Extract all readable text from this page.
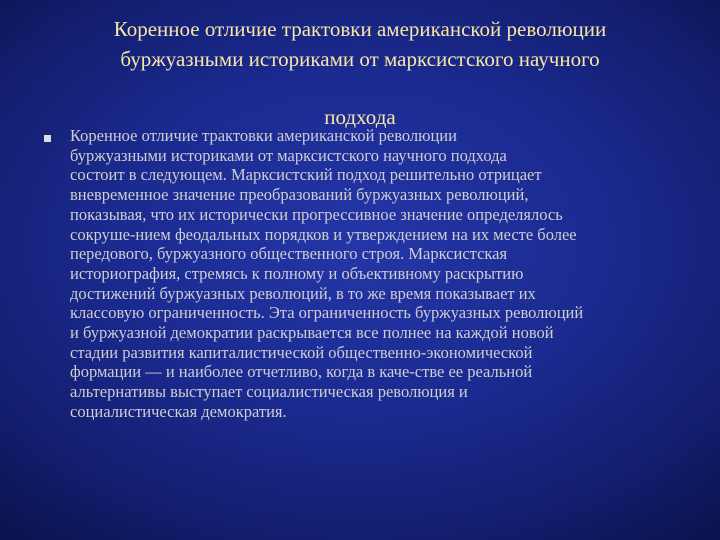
Коренное отличие трактовки американской революции
буржуазными историками от марксистского научного
подхода

Коренное отличие трактовки американской революции
буржуазными историками от марксистского научного подхода
состоит в следующем. Марксистский подход решительно отрицает
вневременное значение преобразований буржуазных революций,
показывая, что их исторически прогрессивное значение определялось
сокруше-нием феодальных порядков и утверждением на их месте более
передового, буржуазного общественного строя. Марксистская
историография, стремясь к полному и объективному раскрытию
достижений буржуазных революций, в то же время показывает их
классовую ограниченность. Эта ограниченность буржуазных революций
и буржуазной демократии раскрывается все полнее на каждой новой
стадии развития капиталистической общественно-экономической
формации — и наиболее отчетливо, когда в каче-стве ее реальной
альтернативы выступает социалистическая революция и
социалистическая демократия.
